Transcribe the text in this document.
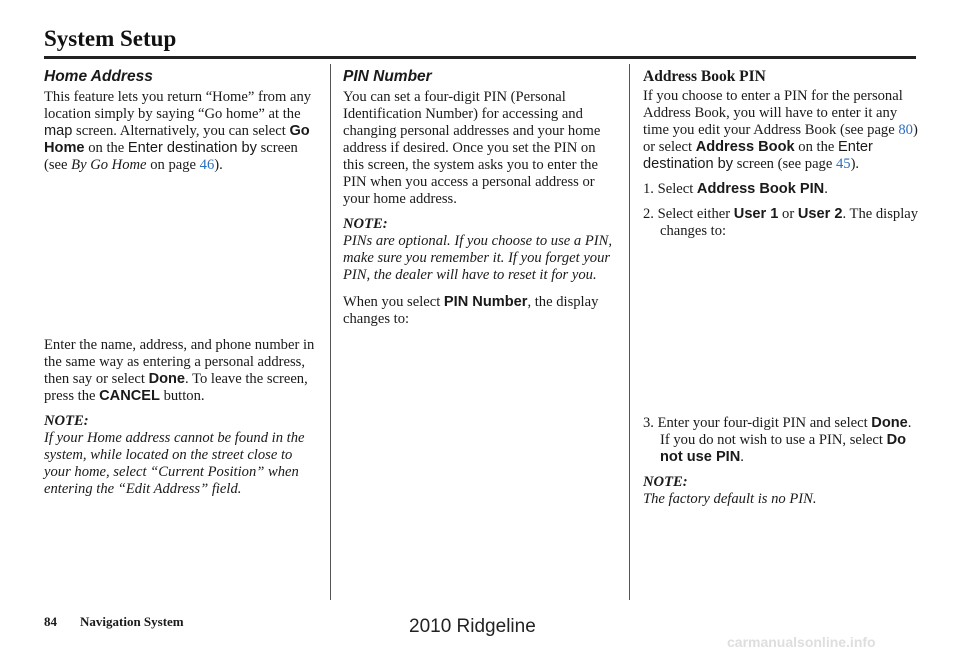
System Setup
Home Address

This feature lets you return “Home” from any location simply by saying “Go home” at the map screen. Alternatively, you can select Go Home on the Enter destination by screen (see By Go Home on page 46).

Enter the name, address, and phone number in the same way as entering a personal address, then say or select Done. To leave the screen, press the CANCEL button.

NOTE:

If your Home address cannot be found in the system, while located on the street close to your home, select “Current Position” when entering the “Edit Address” field.

PIN Number

You can set a four-digit PIN (Personal Identification Number) for accessing and changing personal addresses and your home address if desired. Once you set the PIN on this screen, the system asks you to enter the PIN when you access a personal address or your home address.

NOTE:

PINs are optional. If you choose to use a PIN, make sure you remember it. If you forget your PIN, the dealer will have to reset it for you.

When you select PIN Number, the display changes to:

Address Book PIN

If you choose to enter a PIN for the personal Address Book, you will have to enter it any time you edit your Address Book (see page 80) or select Address Book on the Enter destination by screen (see page 45).

1. Select Address Book PIN.
2. Select either User 1 or User 2. The display changes to:
3. Enter your four-digit PIN and select Done. If you do not wish to use a PIN, select Do not use PIN.

NOTE:

The factory default is no PIN.

84 Navigation System	2010 Ridgeline
carmanualsonline.info
